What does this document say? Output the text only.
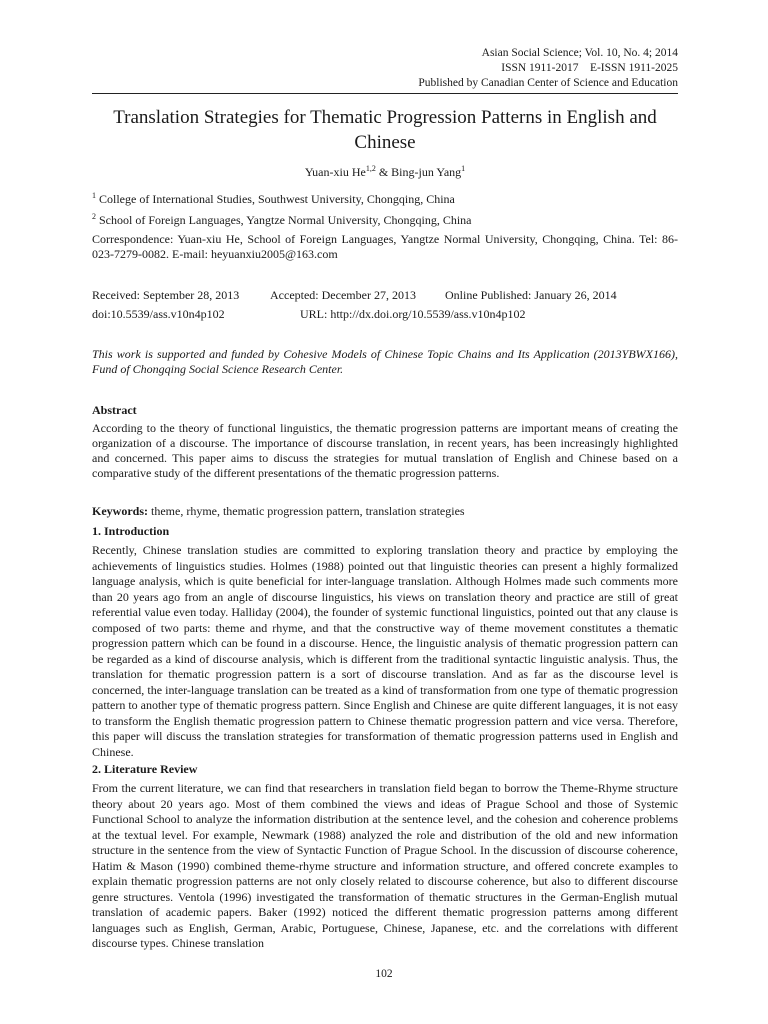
Asian Social Science; Vol. 10, No. 4; 2014
ISSN 1911-2017    E-ISSN 1911-2025
Published by Canadian Center of Science and Education
Translation Strategies for Thematic Progression Patterns in English and Chinese
Yuan-xiu He$^{1,2}$ & Bing-jun Yang$^1$
$^1$ College of International Studies, Southwest University, Chongqing, China
$^2$ School of Foreign Languages, Yangtze Normal University, Chongqing, China
Correspondence: Yuan-xiu He, School of Foreign Languages, Yangtze Normal University, Chongqing, China. Tel: 86-023-7279-0082. E-mail: heyuanxiu2005@163.com
Received: September 28, 2013	Accepted: December 27, 2013 Online Published: January 26, 2014
doi:10.5539/ass.v10n4p102	URL: http://dx.doi.org/10.5539/ass.v10n4p102
This work is supported and funded by Cohesive Models of Chinese Topic Chains and Its Application (2013YBWX166), Fund of Chongqing Social Science Research Center.
Abstract
According to the theory of functional linguistics, the thematic progression patterns are important means of creating the organization of a discourse. The importance of discourse translation, in recent years, has been increasingly highlighted and concerned. This paper aims to discuss the strategies for mutual translation of English and Chinese based on a comparative study of the different presentations of the thematic progression patterns.
Keywords: theme, rhyme, thematic progression pattern, translation strategies
1. Introduction
Recently, Chinese translation studies are committed to exploring translation theory and practice by employing the achievements of linguistics studies. Holmes (1988) pointed out that linguistic theories can present a highly formalized language analysis, which is quite beneficial for inter-language translation. Although Holmes made such comments more than 20 years ago from an angle of discourse linguistics, his views on translation theory and practice are still of great referential value even today. Halliday (2004), the founder of systemic functional linguistics, pointed out that any clause is composed of two parts: theme and rhyme, and that the constructive way of theme movement constitutes a thematic progression pattern which can be found in a discourse. Hence, the linguistic analysis of thematic progression pattern can be regarded as a kind of discourse analysis, which is different from the traditional syntactic linguistic analysis. Thus, the translation for thematic progression pattern is a sort of discourse translation. And as far as the discourse level is concerned, the inter-language translation can be treated as a kind of transformation from one type of thematic progression pattern to another type of thematic progress pattern. Since English and Chinese are quite different languages, it is not easy to transform the English thematic progression pattern to Chinese thematic progression pattern and vice versa. Therefore, this paper will discuss the translation strategies for transformation of thematic progression patterns used in English and Chinese.
2. Literature Review
From the current literature, we can find that researchers in translation field began to borrow the Theme-Rhyme structure theory about 20 years ago. Most of them combined the views and ideas of Prague School and those of Systemic Functional School to analyze the information distribution at the sentence level, and the cohesion and coherence problems at the textual level. For example, Newmark (1988) analyzed the role and distribution of the old and new information structure in the sentence from the view of Syntactic Function of Prague School. In the discussion of discourse coherence, Hatim & Mason (1990) combined theme-rhyme structure and information structure, and offered concrete examples to explain thematic progression patterns are not only closely related to discourse coherence, but also to different discourse genre structures. Ventola (1996) investigated the transformation of thematic structures in the German-English mutual translation of academic papers. Baker (1992) noticed the different thematic progression patterns among different languages such as English, German, Arabic, Portuguese, Chinese, Japanese, etc. and the correlations with different discourse types. Chinese translation
102
